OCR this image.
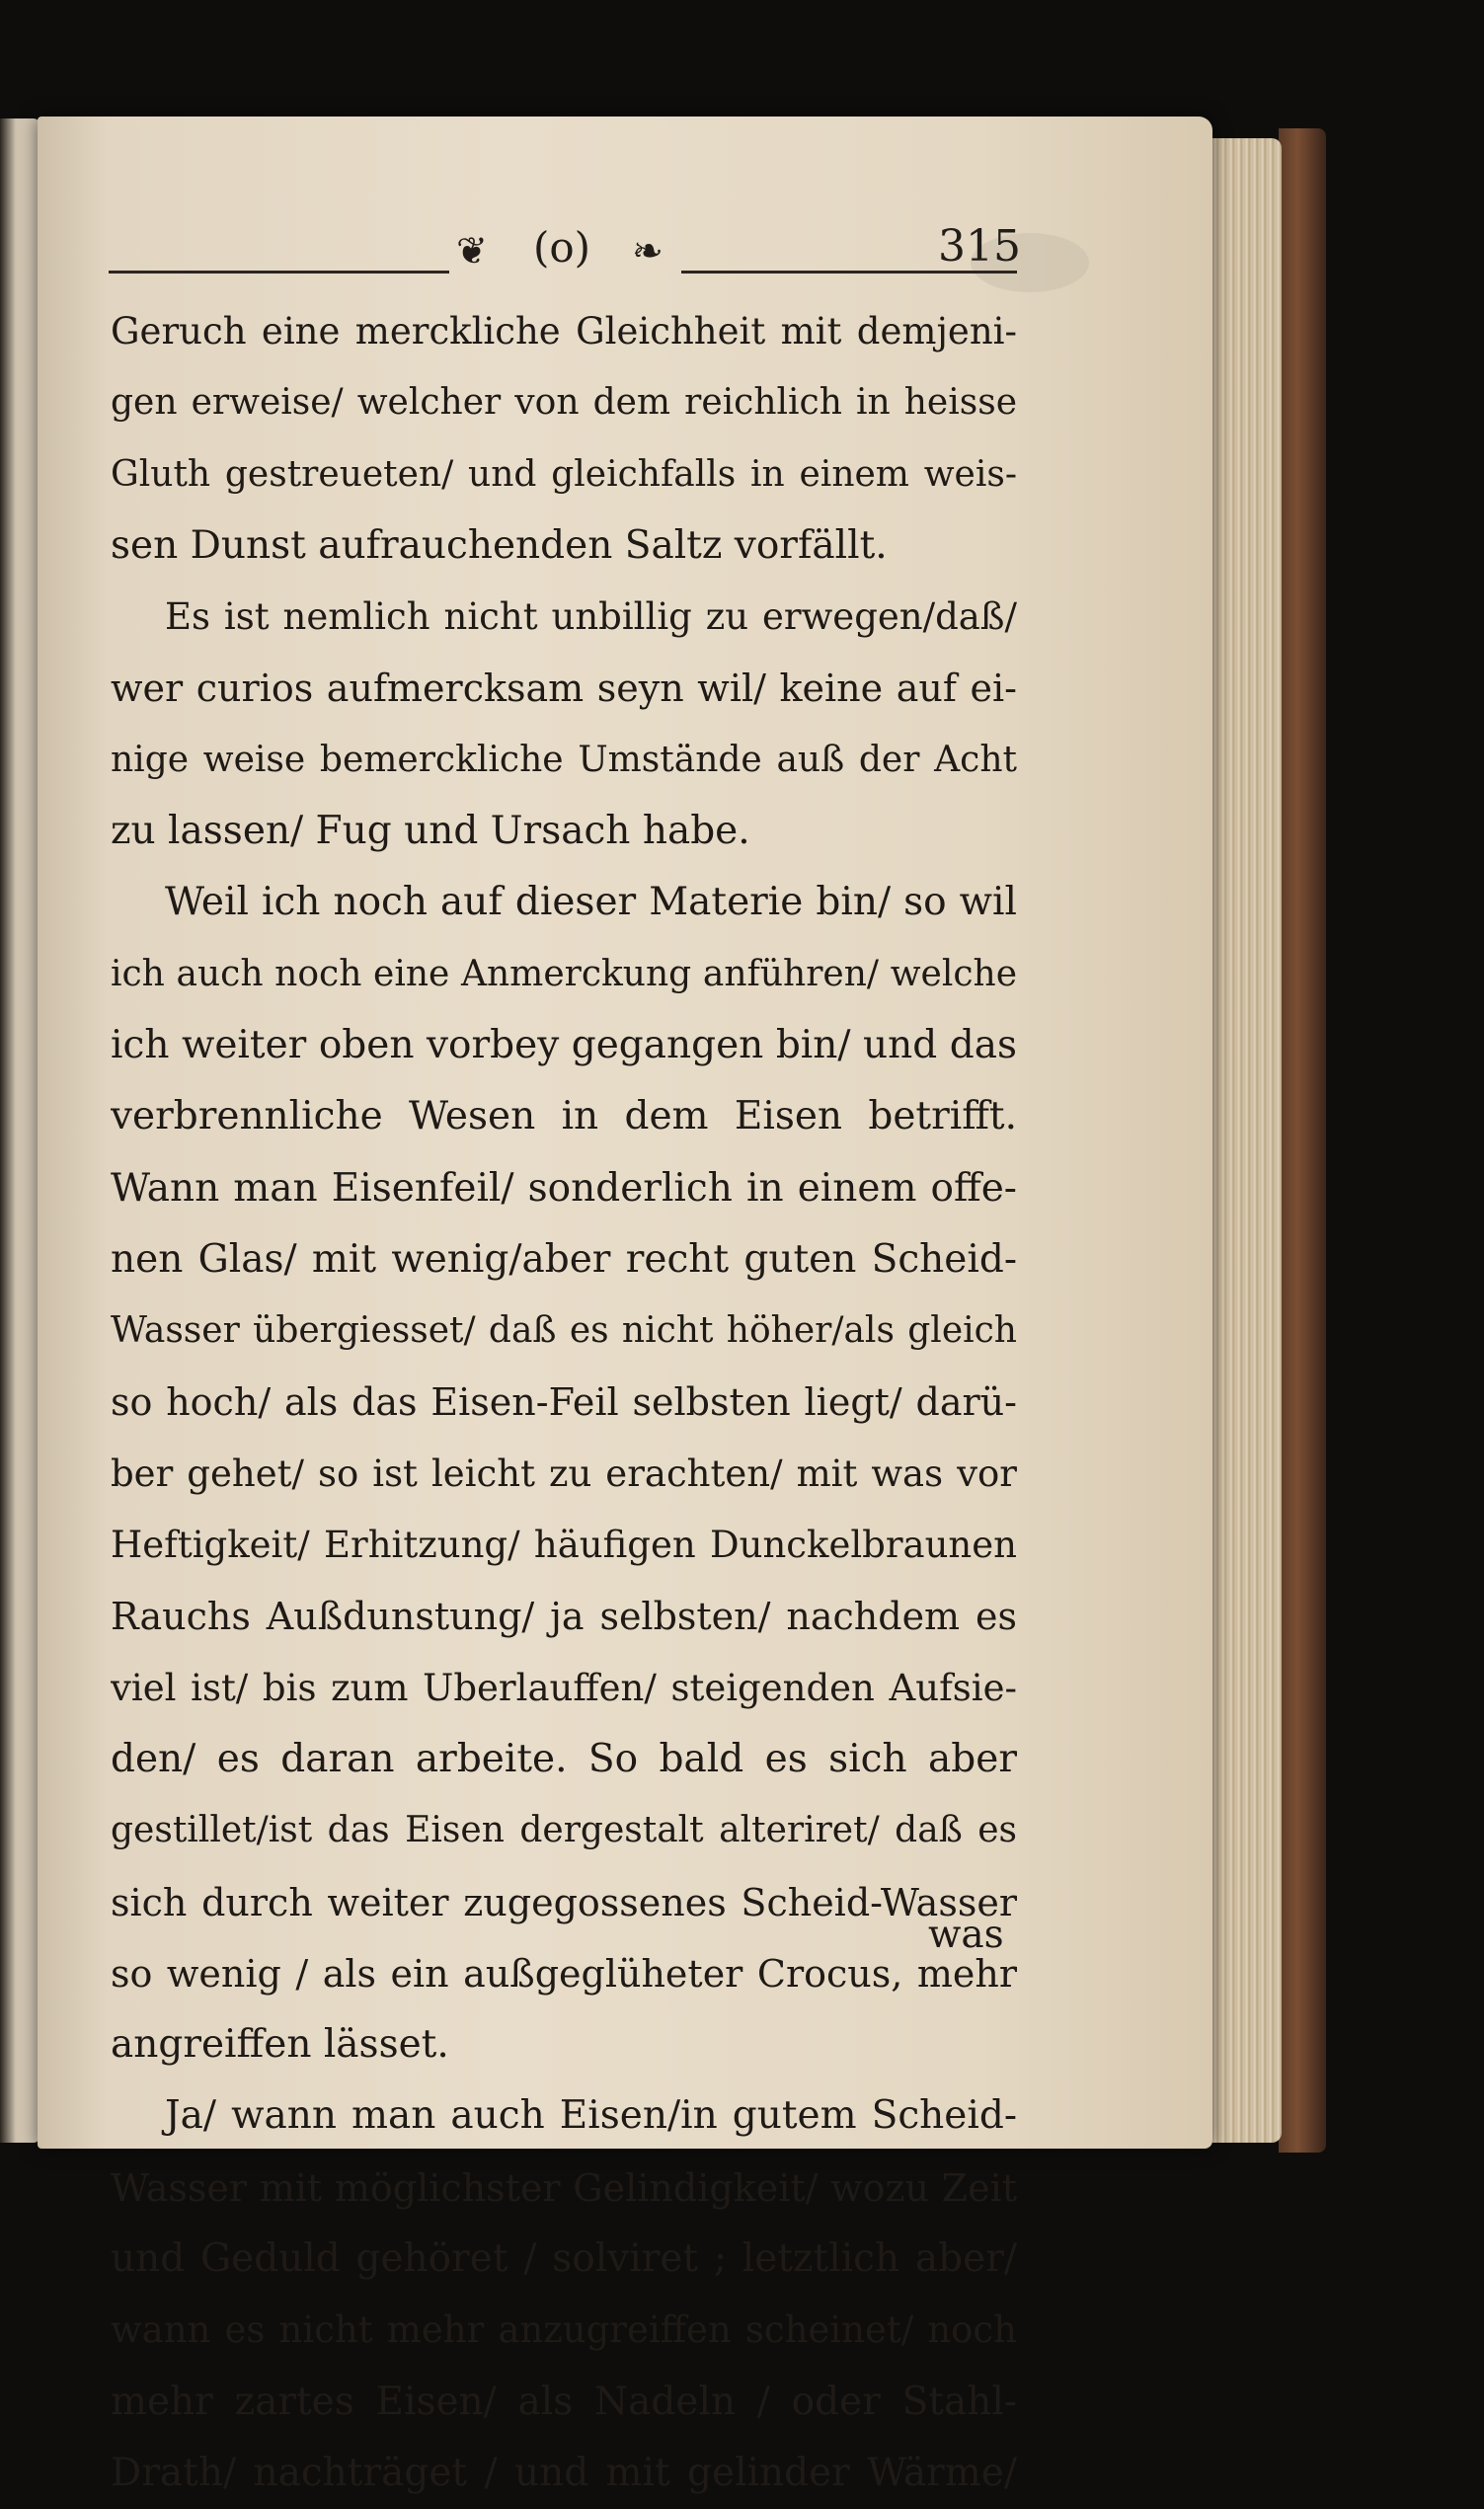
❦ (o) ❧	315
Geruch eine merckliche Gleichheit mit demjeni-
gen erweise/ welcher von dem reichlich in heisse
Gluth gestreueten/ und gleichfalls in einem weis-
sen Dunst aufrauchenden Saltz vorfällt.
Es ist nemlich nicht unbillig zu erwegen/daß/
wer curios aufmercksam seyn wil/ keine auf ei-
nige weise bemerckliche Umstände auß der Acht
zu lassen/ Fug und Ursach habe.
Weil ich noch auf dieser Materie bin/ so wil
ich auch noch eine Anmerckung anführen/ welche
ich weiter oben vorbey gegangen bin/ und das
verbrennliche Wesen in dem Eisen betrifft.
Wann man Eisenfeil/ sonderlich in einem offe-
nen Glas/ mit wenig/aber recht guten Scheid-
Wasser übergiesset/ daß es nicht höher/als gleich
so hoch/ als das Eisen-Feil selbsten liegt/ darü-
ber gehet/ so ist leicht zu erachten/ mit was vor
Heftigkeit/ Erhitzung/ häufigen Dunckelbraunen
Rauchs Außdunstung/ ja selbsten/ nachdem es
viel ist/ bis zum Uberlauffen/ steigenden Aufsie-
den/ es daran arbeite. So bald es sich aber
gestillet/ist das Eisen dergestalt alteriret/ daß es
sich durch weiter zugegossenes Scheid-Wasser
so wenig / als ein außgeglüheter Crocus, mehr
angreiffen lässet.
Ja/ wann man auch Eisen/in gutem Scheid-
Wasser mit möglichster Gelindigkeit/ wozu Zeit
und Geduld gehöret / solviret ; letztlich aber/
wann es nicht mehr anzugreiffen scheinet/ noch
mehr zartes Eisen/ als Nadeln / oder Stahl-
Drath/ nachträget / und mit gelinder Wärme/
was
